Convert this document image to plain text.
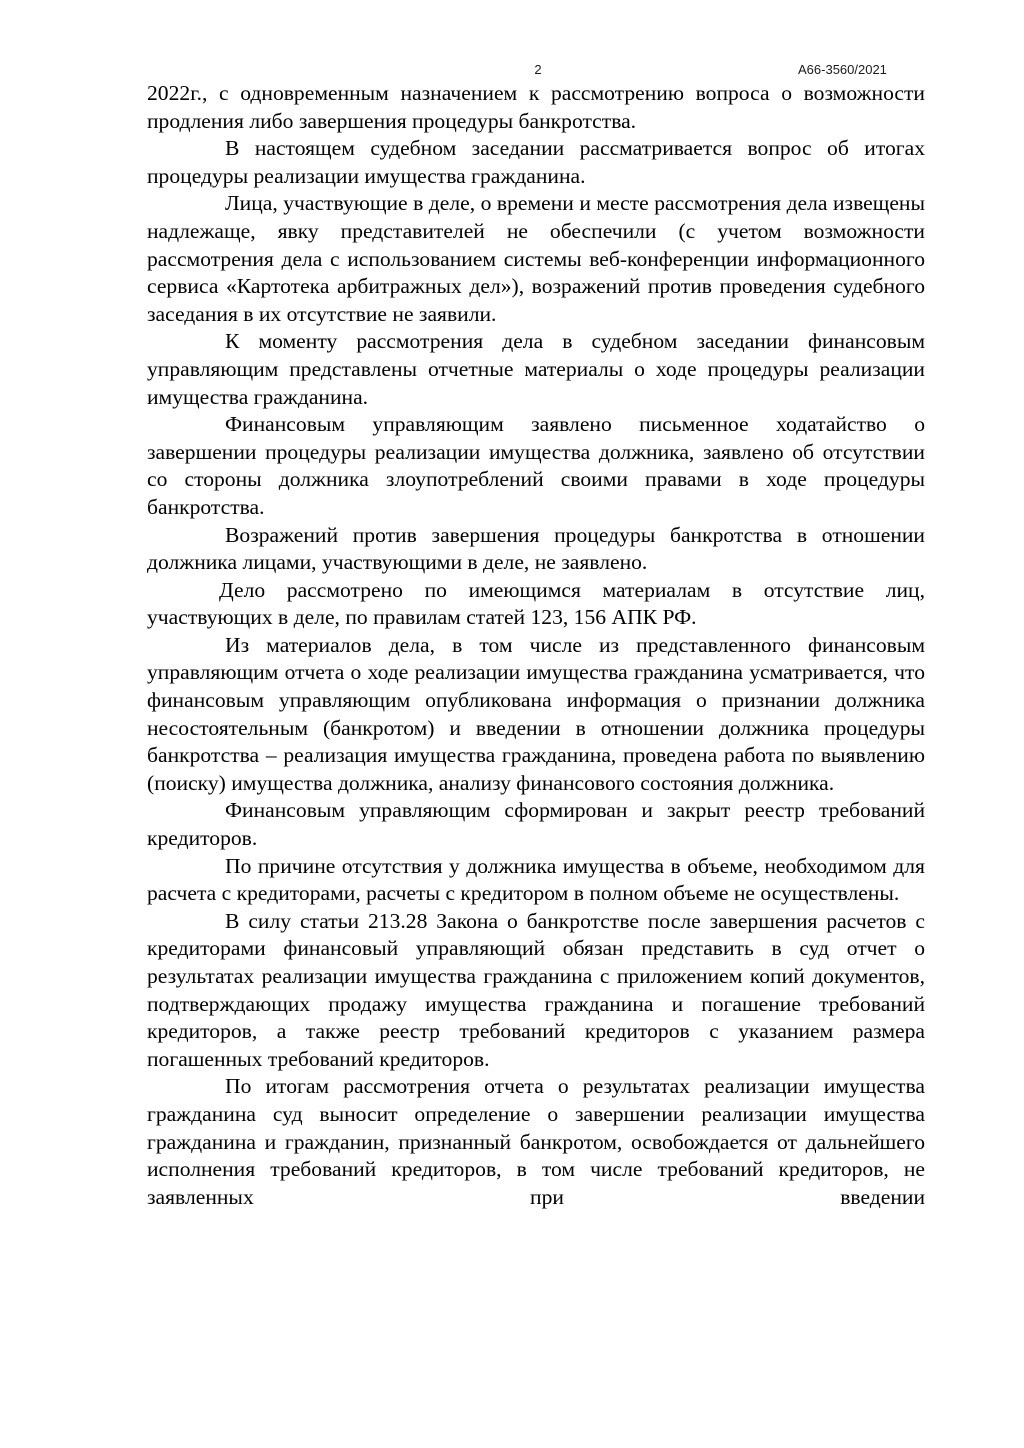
2	А66-3560/2021

2022г., с одновременным назначением к рассмотрению вопроса о возможности продления либо завершения процедуры банкротства.

В настоящем судебном заседании рассматривается вопрос об итогах процедуры реализации имущества гражданина.

Лица, участвующие в деле, о времени и месте рассмотрения дела извещены надлежаще, явку представителей не обеспечили (с учетом возможности рассмотрения дела с использованием системы веб-конференции информационного сервиса «Картотека арбитражных дел»), возражений против проведения судебного заседания в их отсутствие не заявили.

К моменту рассмотрения дела в судебном заседании финансовым управляющим представлены отчетные материалы о ходе процедуры реализации имущества гражданина.

Финансовым управляющим заявлено письменное ходатайство о завершении процедуры реализации имущества должника, заявлено об отсутствии со стороны должника злоупотреблений своими правами в ходе процедуры банкротства.

Возражений против завершения процедуры банкротства в отношении должника лицами, участвующими в деле, не заявлено.

Дело рассмотрено по имеющимся материалам в отсутствие лиц, участвующих в деле, по правилам статей 123, 156 АПК РФ.

Из материалов дела, в том числе из представленного финансовым управляющим отчета о ходе реализации имущества гражданина усматривается, что финансовым управляющим опубликована информация о признании должника несостоятельным (банкротом) и введении в отношении должника процедуры банкротства – реализация имущества гражданина, проведена работа по выявлению (поиску) имущества должника, анализу финансового состояния должника.

Финансовым управляющим сформирован и закрыт реестр требований кредиторов.

По причине отсутствия у должника имущества в объеме, необходимом для расчета с кредиторами, расчеты с кредитором в полном объеме не осуществлены.

В силу статьи 213.28 Закона о банкротстве после завершения расчетов с кредиторами финансовый управляющий обязан представить в суд отчет о результатах реализации имущества гражданина с приложением копий документов, подтверждающих продажу имущества гражданина и погашение требований кредиторов, а также реестр требований кредиторов с указанием размера погашенных требований кредиторов.

По итогам рассмотрения отчета о результатах реализации имущества гражданина суд выносит определение о завершении реализации имущества гражданина и гражданин, признанный банкротом, освобождается от дальнейшего исполнения требований кредиторов, в том числе требований кредиторов, не заявленных при введении
